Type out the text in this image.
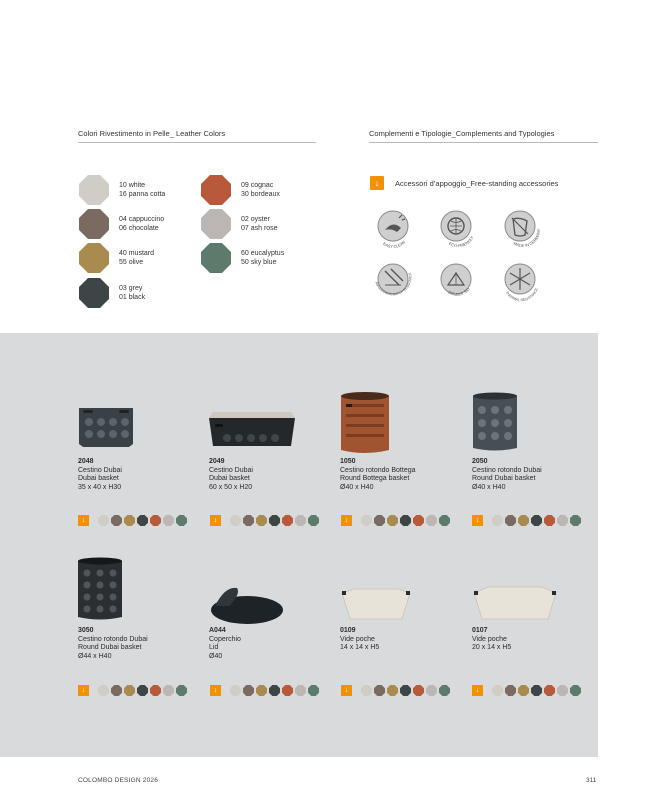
Colori Rivestimento in Pelle_ Leather Colors	Complementi e Tipologie_Complements and Typologies
10 white
16 panna cotta
04 cappuccino
06 chocolate
40 mustard
55 olive
03 grey
01 black
09 cognac
30 bordeaux
02 oyster
07 ash rose
60 eucalyptus
50 sky blue
↓	Accessori d’appoggio_Free-standing accessories
EASY CLEAN	ECO-FRIENDLY
MADE IN GERMANY
ABRASION/SCRATCH RESISTANCE
DOUBLE SID
THERMAL RESISTANCE
2048
Cestino Dubai
Dubai basket
35 x 40 x H30
2049
Cestino Dubai
Dubai basket
60 x 50 x H20
1050
Cestino rotondo Bottega
Round Bottega basket
Ø40 x H40
2050
Cestino rotondo Dubai
Round Dubai basket
Ø40 x H40
↓	↓	↓	↓
3050
Cestino rotondo Dubai
Round Dubai basket
Ø44 x H40
A044
Coperchio
Lid
Ø40
0109
Vide poche
14 x 14 x H5
0107
Vide poche
20 x 14 x H5
↓	↓	↓	↓
COLOMBO DESIGN 2026	311
